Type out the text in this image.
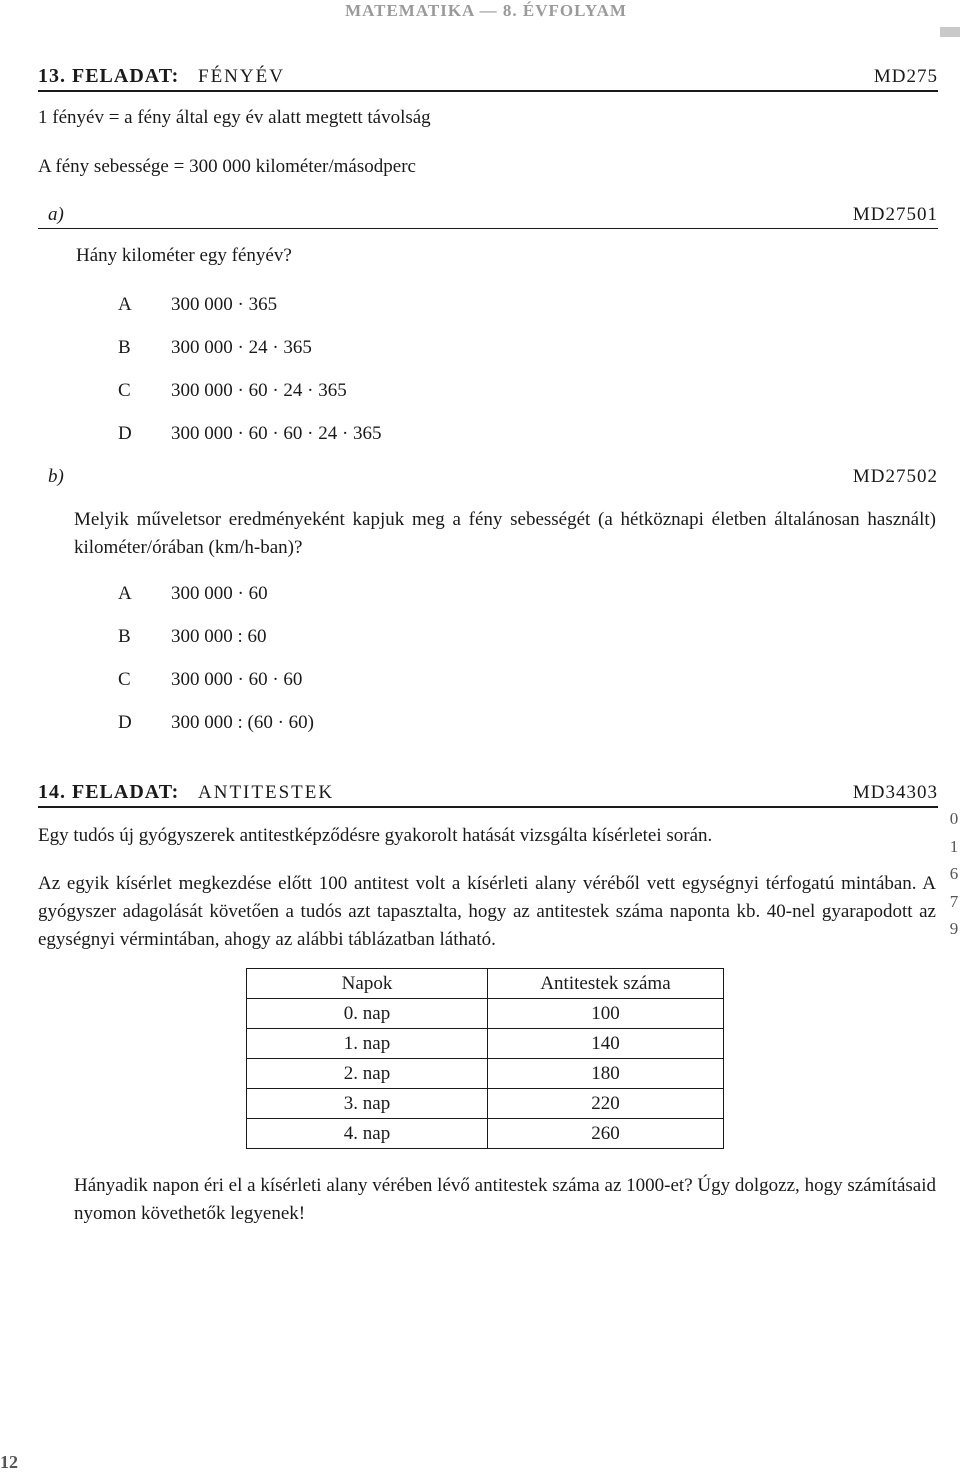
MATEMATIKA — 8. ÉVFOLYAM
13. FELADAT: FÉNYÉV	MD275
1 fényév = a fény által egy év alatt megtett távolság
A fény sebessége = 300 000 kilométer/másodperc
a)	MD27501
Hány kilométer egy fényév?
A 300 000 · 365
B 300 000 · 24 · 365
C 300 000 · 60 · 24 · 365
D 300 000 · 60 · 60 · 24 · 365
b)	MD27502
Melyik műveletsor eredményeként kapjuk meg a fény sebességét (a hétköznapi életben általánosan használt) kilométer/órában (km/h-ban)?
A 300 000 · 60
B 300 000 : 60
C 300 000 · 60 · 60
D 300 000 : (60 · 60)
14. FELADAT: ANTITESTEK	MD34303
Egy tudós új gyógyszerek antitestképződésre gyakorolt hatását vizsgálta kísérletei során.
Az egyik kísérlet megkezdése előtt 100 antitest volt a kísérleti alany véréből vett egységnyi térfogatú mintában. A gyógyszer adagolását követően a tudós azt tapasztalta, hogy az antitestek száma naponta kb. 40-nel gyarapodott az egységnyi vérmintában, ahogy az alábbi táblázatban látható.
0
1
6
7
9
Napok	Antitestek száma
0. nap	100
1. nap	140
2. nap	180
3. nap	220
4. nap	260
Hányadik napon éri el a kísérleti alany vérében lévő antitestek száma az 1000-et? Úgy dolgozz, hogy számításaid nyomon követhetők legyenek!
12
